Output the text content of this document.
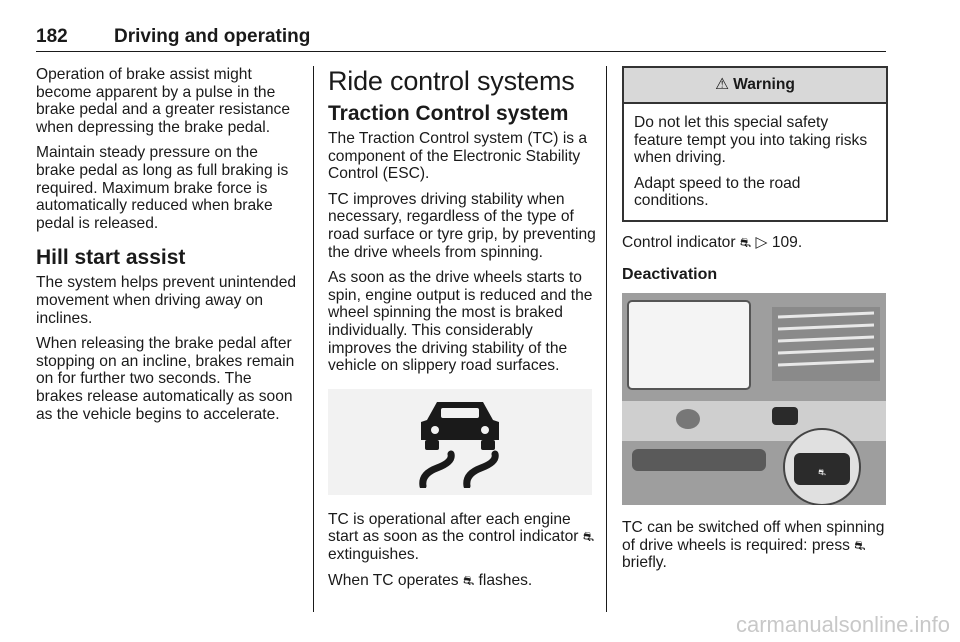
182 Driving and operating

Operation of brake assist might become apparent by a pulse in the brake pedal and a greater resistance when depressing the brake pedal.

Maintain steady pressure on the brake pedal as long as full braking is required. Maximum brake force is automatically reduced when brake pedal is released.

Hill start assist

The system helps prevent unintended movement when driving away on inclines.

When releasing the brake pedal after stopping on an incline, brakes remain on for further two seconds. The brakes release automatically as soon as the vehicle begins to accelerate.

Ride control systems
Traction Control system

The Traction Control system (TC) is a component of the Electronic Stability Control (ESC).

TC improves driving stability when necessary, regardless of the type of road surface or tyre grip, by preventing the drive wheels from spinning.

As soon as the drive wheels starts to spin, engine output is reduced and the wheel spinning the most is braked individually. This considerably improves the driving stability of the vehicle on slippery road surfaces.

TC is operational after each engine start as soon as the control indicator ⛐ extinguishes.

When TC operates ⛐ flashes.

⚠ Warning

Do not let this special safety feature tempt you into taking risks when driving.

Adapt speed to the road conditions.

Control indicator ⛐ ▷ 109.

Deactivation
⛐

TC can be switched off when spinning of drive wheels is required: press ⛐ briefly.

carmanualsonline.info
